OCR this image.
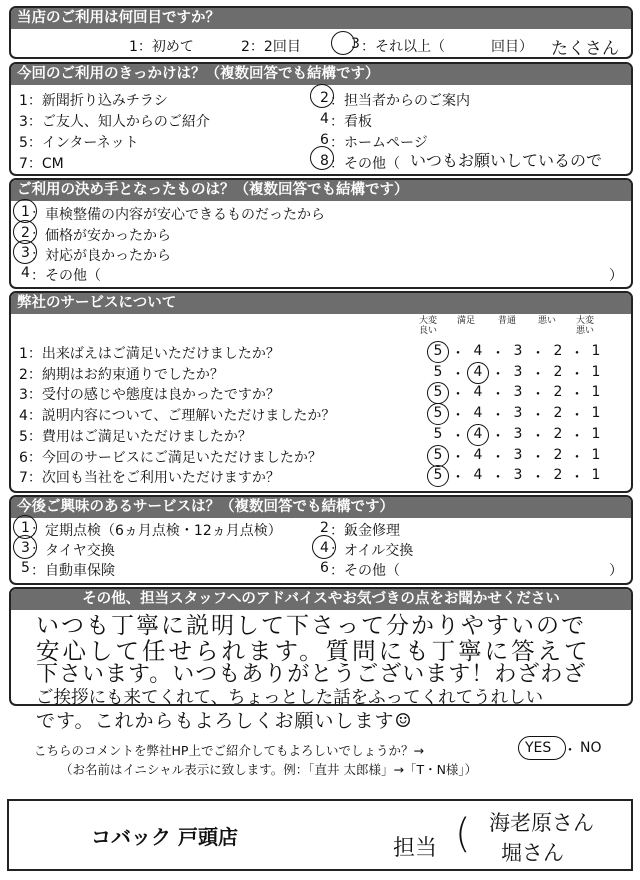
当店のご利用は何回目ですか？
1：初めて	2：2回目	3 ：それ以上（	回目） たくさん
今回のご利用のきっかけは？（複数回答でも結構です）
1：新聞折り込みチラシ
3：ご友人、知人からのご紹介
5：インターネット
7：CM
2 ：担当者からのご案内
4 ：看板
6 ：ホームページ
8 ：その他（ いつもお願いしているので
ご利用の決め手となったものは？（複数回答でも結構です）
1 ：車検整備の内容が安心できるものだったから
2 ：価格が安かったから
3 ：対応が良かったから
4 ：その他（	）
弊社のサービスについて
大変良い
満足	普通	悪い	大変悪い
1：出来ばえはご満足いただけましたか？	5 ・ 4 ・ 3 ・ 2 ・ 1
2：納期はお約束通りでしたか？	5 ・ 4 ・ 3 ・ 2 ・ 1
3：受付の感じや態度は良かったですか？	5 ・ 4 ・ 3 ・ 2 ・ 1
4：説明内容について、ご理解いただけましたか？	5 ・ 4 ・ 3 ・ 2 ・ 1
5：費用はご満足いただけましたか？	5 ・ 4 ・ 3 ・ 2 ・ 1
6：今回のサービスにご満足いただけましたか？	5 ・ 4 ・ 3 ・ 2 ・ 1
7：次回も当社をご利用いただけますか？	5 ・ 4 ・ 3 ・ 2 ・ 1
今後ご興味のあるサービスは？（複数回答でも結構です）
1 ：定期点検（6ヵ月点検・12ヵ月点検）
3 ：タイヤ交換
5 ：自動車保険
2 ：鈑金修理
4 ：オイル交換
6 ：その他（	）
その他、担当スタッフへのアドバイスやお気づきの点をお聞かせください
いつも丁寧に説明して下さって分かりやすいので
安心して任せられます。質問にも丁寧に答えて
下さいます。いつもありがとうございます！わざわざ
ご挨拶にも来てくれて、ちょっとした話をふってくれてうれしい
です。これからもよろしくお願いします☺
こちらのコメントを弊社HP上でご紹介してもよろしいでしょうか？→	YES ・ NO
（お名前はイニシャル表示に致します。例：「直井 太郎様」→「T・N様」）
コバック 戸頭店	担当 ( 海老原さん
堀さん
